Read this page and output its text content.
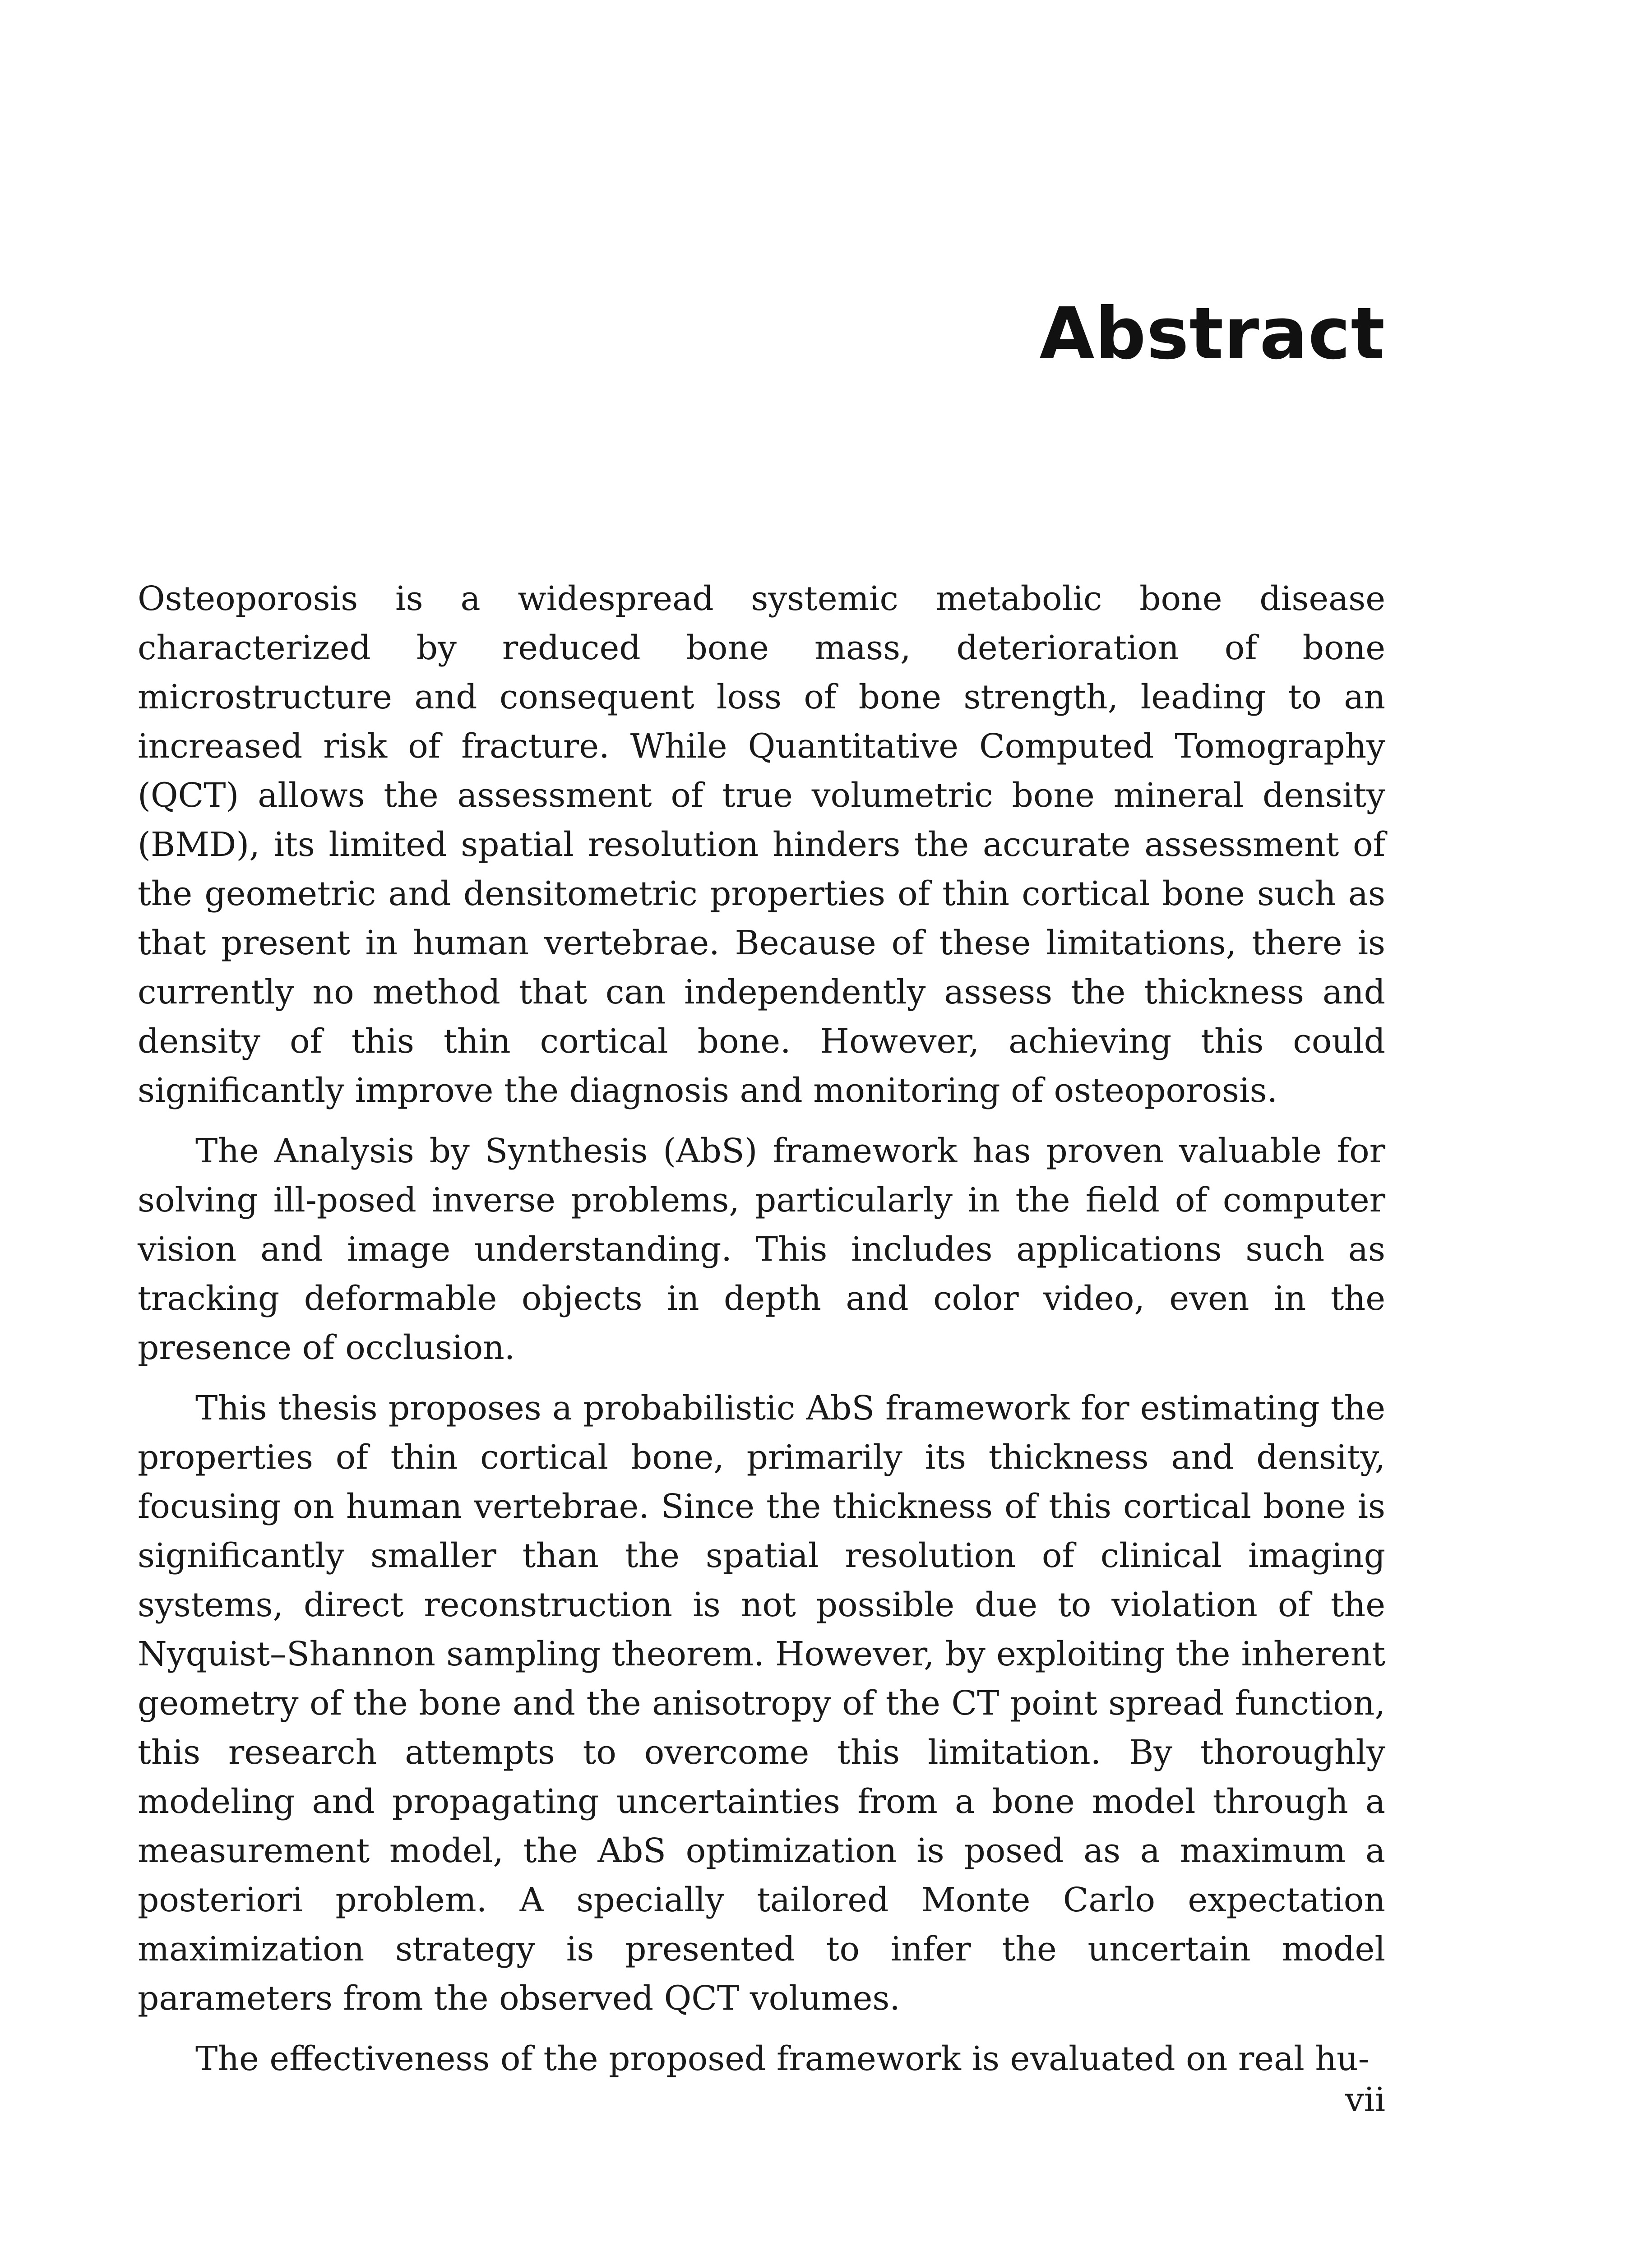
Abstract

Osteoporosis is a widespread systemic metabolic bone disease characterized by reduced bone mass, deterioration of bone microstructure and consequent loss of bone strength, leading to an increased risk of fracture. While Quantitative Computed Tomography (QCT) allows the assessment of true volumetric bone mineral density (BMD), its limited spatial resolution hinders the accurate assessment of the geometric and densitometric properties of thin cortical bone such as that present in human vertebrae. Because of these limitations, there is currently no method that can independently assess the thickness and density of this thin cortical bone. However, achieving this could significantly improve the diagnosis and monitoring of osteoporosis.

The Analysis by Synthesis (AbS) framework has proven valuable for solving ill-posed inverse problems, particularly in the field of computer vision and image understanding. This includes applications such as tracking deformable objects in depth and color video, even in the presence of occlusion.

This thesis proposes a probabilistic AbS framework for estimating the properties of thin cortical bone, primarily its thickness and density, focusing on human vertebrae. Since the thickness of this cortical bone is significantly smaller than the spatial resolution of clinical imaging systems, direct reconstruction is not possible due to violation of the Nyquist–Shannon sampling theorem. However, by exploiting the inherent geometry of the bone and the anisotropy of the CT point spread function, this research attempts to overcome this limitation. By thoroughly modeling and propagating uncertainties from a bone model through a measurement model, the AbS optimization is posed as a maximum a posteriori problem. A specially tailored Monte Carlo expectation maximization strategy is presented to infer the uncertain model parameters from the observed QCT volumes.

The effectiveness of the proposed framework is evaluated on real hu-

vii
